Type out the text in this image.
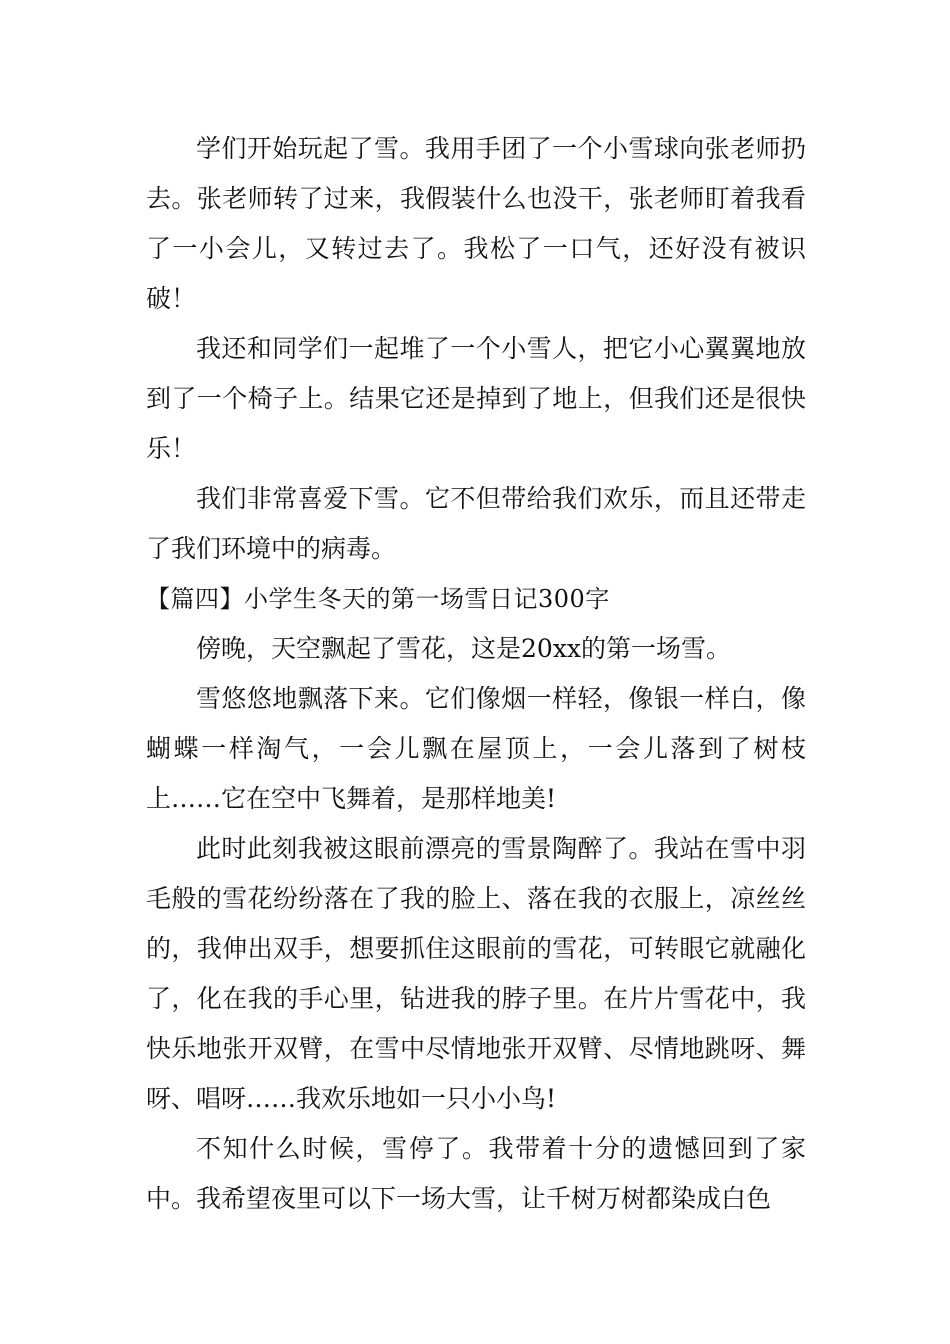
学们开始玩起了雪。我用手团了一个小雪球向张老师扔去。张老师转了过来，我假装什么也没干，张老师盯着我看了一小会儿，又转过去了。我松了一口气，还好没有被识破！

我还和同学们一起堆了一个小雪人，把它小心翼翼地放到了一个椅子上。结果它还是掉到了地上，但我们还是很快乐！

我们非常喜爱下雪。它不但带给我们欢乐，而且还带走了我们环境中的病毒。

【篇四】小学生冬天的第一场雪日记300字

傍晚，天空飘起了雪花，这是20xx的第一场雪。

雪悠悠地飘落下来。它们像烟一样轻，像银一样白，像蝴蝶一样淘气，一会儿飘在屋顶上，一会儿落到了树枝上……它在空中飞舞着，是那样地美!

此时此刻我被这眼前漂亮的雪景陶醉了。我站在雪中羽毛般的雪花纷纷落在了我的脸上、落在我的衣服上，凉丝丝的，我伸出双手，想要抓住这眼前的雪花，可转眼它就融化了，化在我的手心里，钻进我的脖子里。在片片雪花中，我快乐地张开双臂，在雪中尽情地张开双臂、尽情地跳呀、舞呀、唱呀……我欢乐地如一只小小鸟!

不知什么时候，雪停了。我带着十分的遗憾回到了家中。我希望夜里可以下一场大雪，让千树万树都染成白色
